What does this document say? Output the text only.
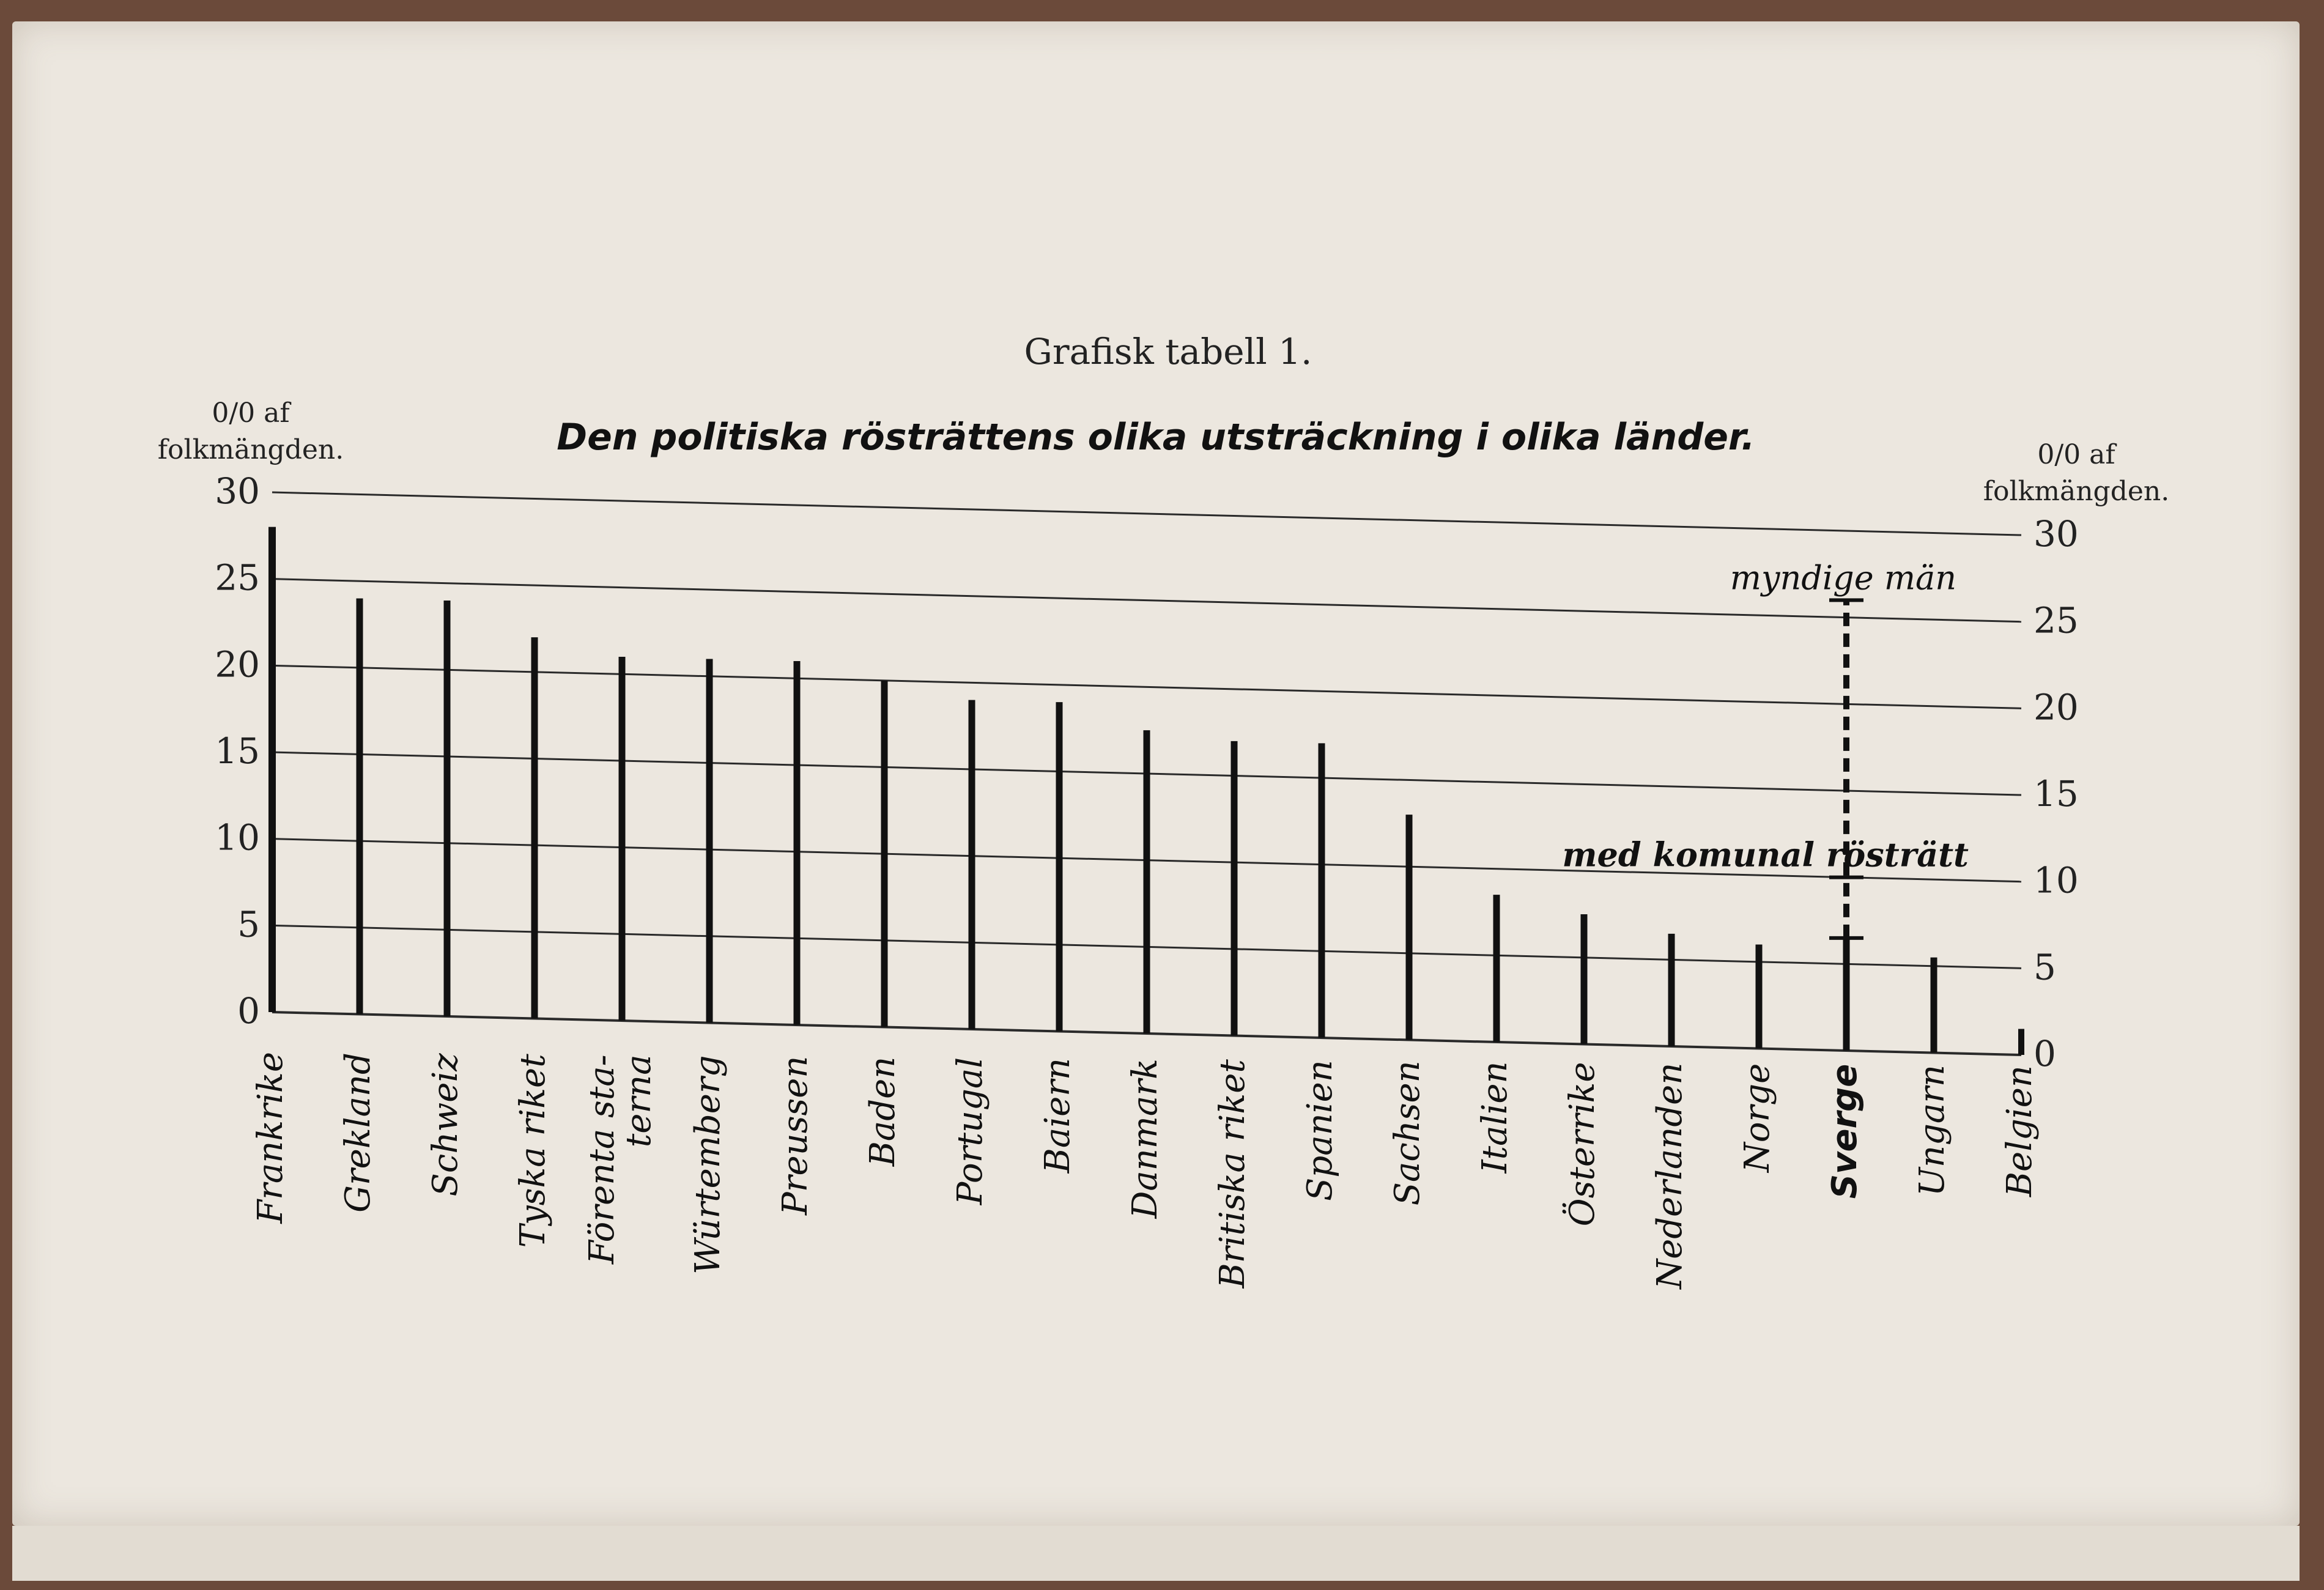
Grafisk tabell 1.
Den politiska rösträttens olika utsträckning i olika länder.
0/0 af
folkmängden.	0/0 af
folkmängden.
0
5
10
15
20
25
30
0
5
10
15
20
25
30
Frankrike Grekland Schweiz Tyska riket Förenta sta-
terna Würtemberg Preussen Baden Portugal Baiern Danmark Britiska riket Spanien Sachsen Italien Österrike Nederlanden Norge Sverge Ungarn Belgien
myndige män
med komunal rösträtt
